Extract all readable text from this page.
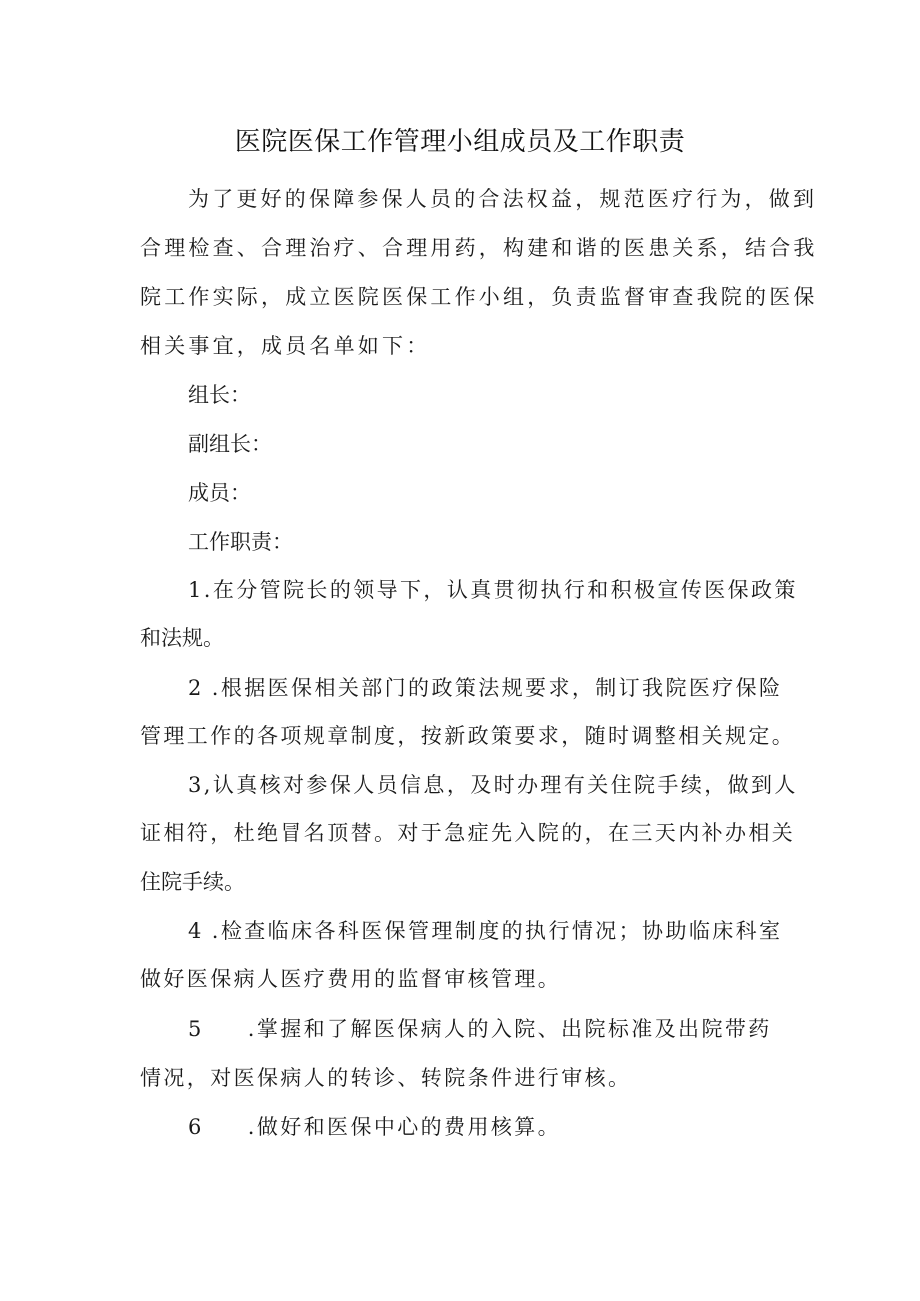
医院医保工作管理小组成员及工作职责
为了更好的保障参保人员的合法权益，规范医疗行为，做到
合理检查、合理治疗、合理用药，构建和谐的医患关系，结合我
院工作实际，成立医院医保工作小组，负责监督审查我院的医保
相关事宜，成员名单如下：
组长：
副组长：
成员：
工作职责：
1.在分管院长的领导下，认真贯彻执行和积极宣传医保政策
和法规。
2 .根据医保相关部门的政策法规要求，制订我院医疗保险
管理工作的各项规章制度，按新政策要求，随时调整相关规定。
3,认真核对参保人员信息，及时办理有关住院手续，做到人
证相符，杜绝冒名顶替。对于急症先入院的，在三天内补办相关
住院手续。
4 .检查临床各科医保管理制度的执行情况；协助临床科室
做好医保病人医疗费用的监督审核管理。
5 .掌握和了解医保病人的入院、出院标准及出院带药
情况，对医保病人的转诊、转院条件进行审核。
6 .做好和医保中心的费用核算。
